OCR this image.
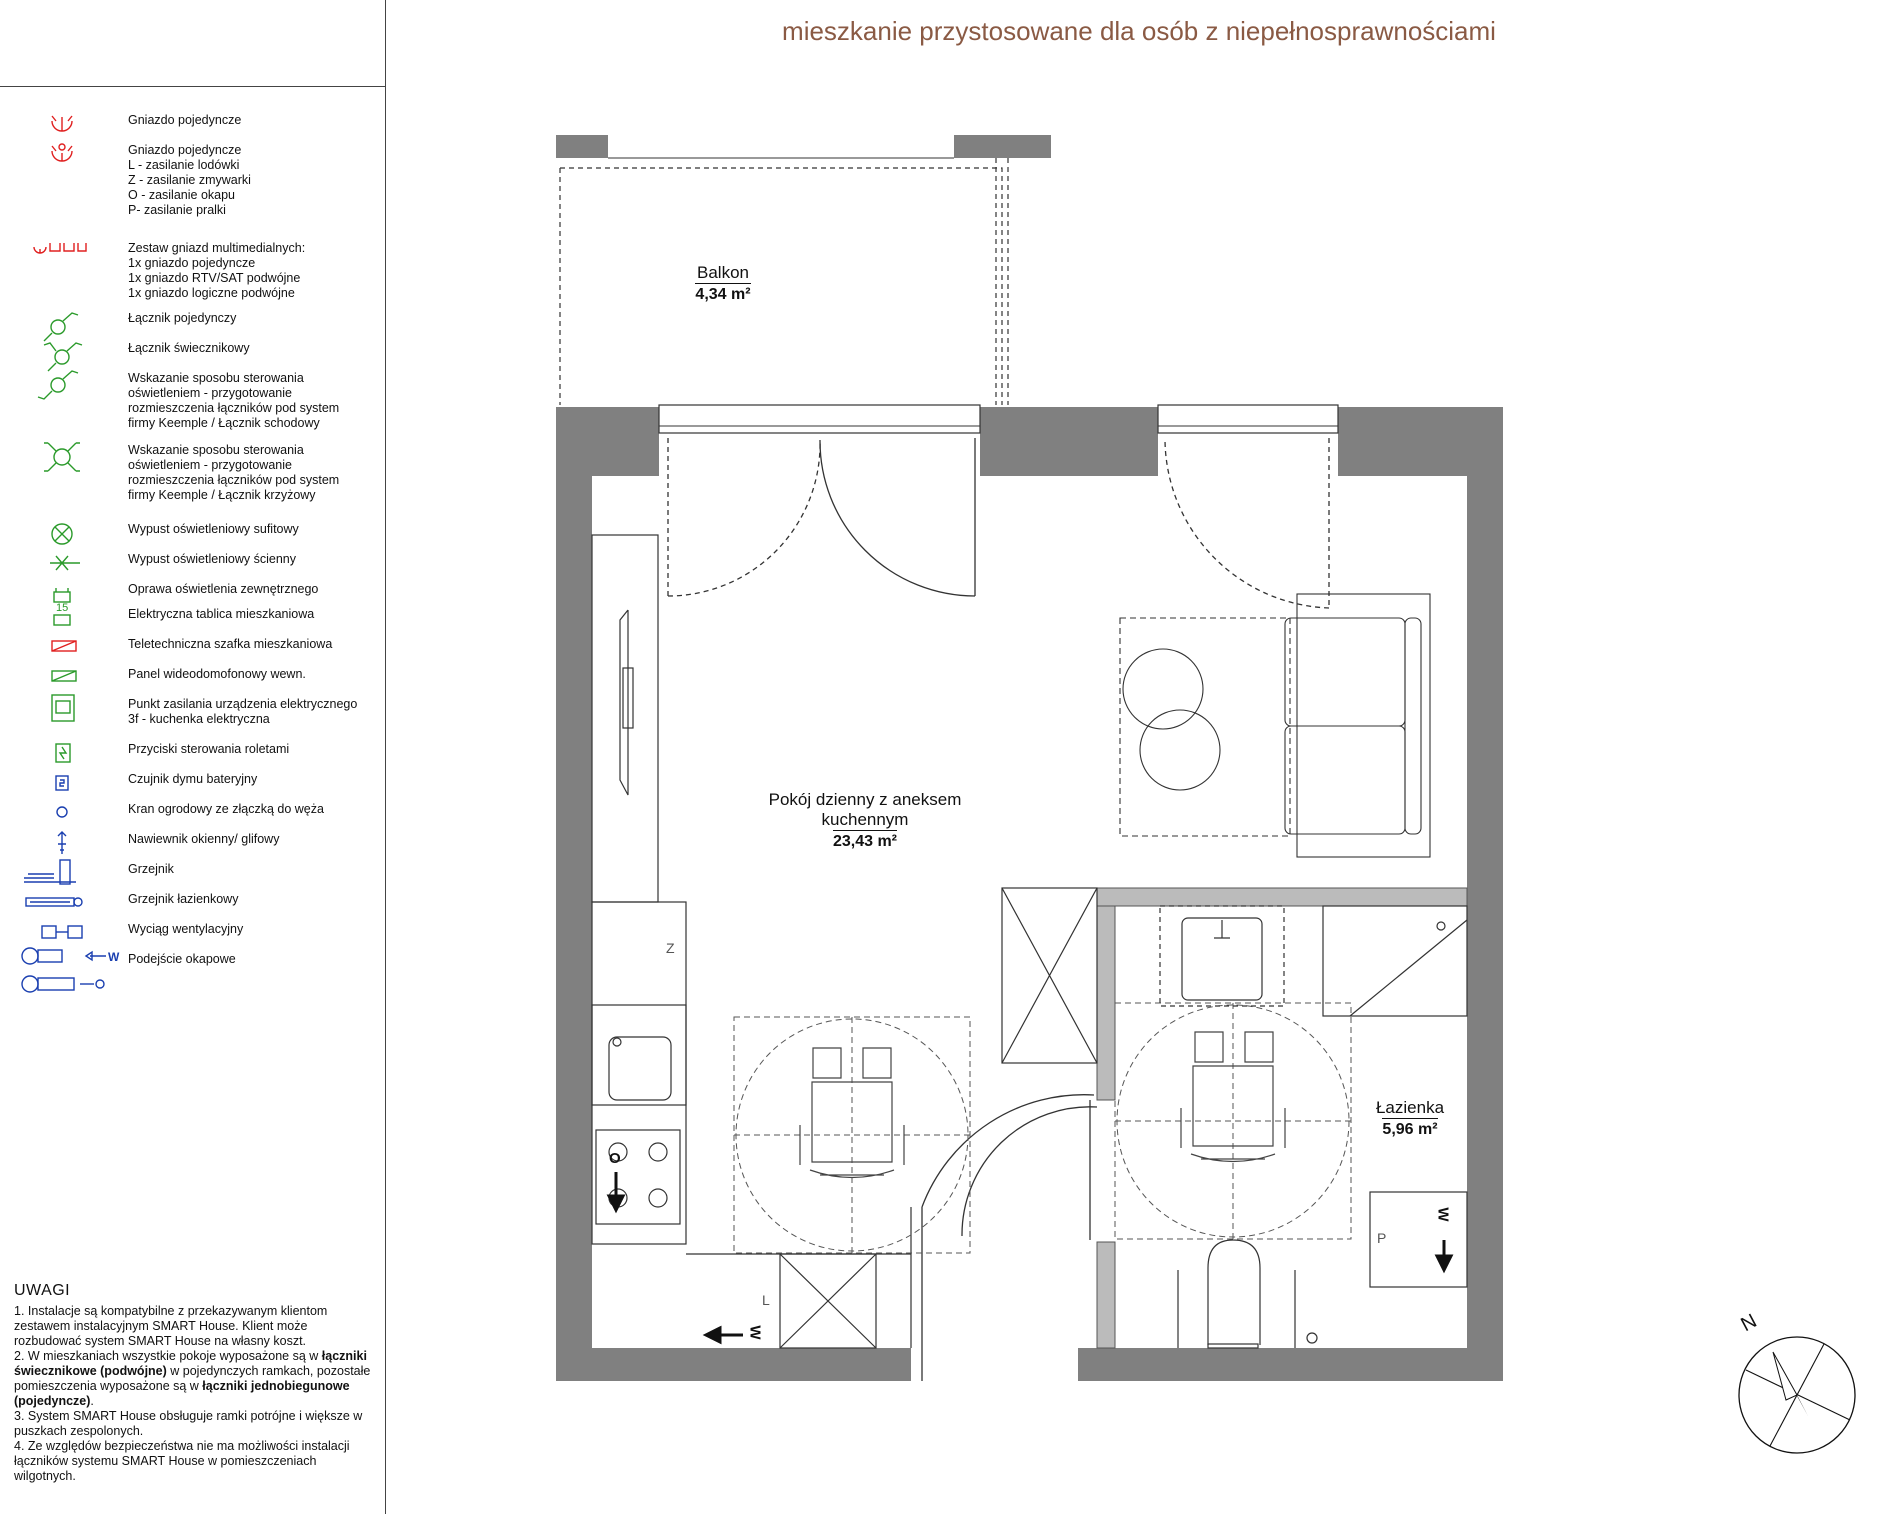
Gniazdo pojedyncze
Gniazdo pojedyncze
L - zasilanie lodówki
Z - zasilanie zmywarki
O - zasilanie okapu
P- zasilanie pralki
Zestaw gniazd multimedialnych:
1x gniazdo pojedyncze
1x gniazdo RTV/SAT podwójne
1x gniazdo logiczne podwójne
Łącznik pojedynczy
Łącznik świecznikowy
Wskazanie sposobu sterowania
oświetleniem - przygotowanie
rozmieszczenia łączników pod system
firmy Keemple / Łącznik schodowy
Wskazanie sposobu sterowania
oświetleniem - przygotowanie
rozmieszczenia łączników pod system
firmy Keemple / Łącznik krzyżowy
Wypust oświetleniowy sufitowy
Wypust oświetleniowy ścienny
Oprawa oświetlenia zewnętrznego
15	Elektryczna tablica mieszkaniowa
Teletechniczna szafka mieszkaniowa
Panel wideodomofonowy wewn.
Punkt zasilania urządzenia elektrycznego
3f - kuchenka elektryczna
Przyciski sterowania roletami
Czujnik dymu bateryjny
Kran ogrodowy ze złączką do węża
Nawiewnik okienny/ glifowy
Grzejnik
Grzejnik łazienkowy
Wyciąg wentylacyjny
W Podejście okapowe
UWAGI
1. Instalacje są kompatybilne z przekazywanym klientom zestawem instalacyjnym SMART House. Klient może rozbudować system SMART House na własny koszt.
2. W mieszkaniach wszystkie pokoje wyposażone są w łączniki świecznikowe (podwójne) w pojedynczych ramkach, pozostałe pomieszczenia wyposażone są w łączniki jednobiegunowe (pojedyncze).
3. System SMART House obsługuje ramki potrójne i większe w puszkach zespolonych.
4. Ze względów bezpieczeństwa nie ma możliwości instalacji łączników systemu SMART House w pomieszczeniach wilgotnych.
mieszkanie przystosowane dla osób z niepełnosprawnościami
Balkon
4,34 m²
Pokój dzienny z aneksem
kuchennym
23,43 m²
Łazienka
5,96 m²
Z
L
P
O
W
W
N
